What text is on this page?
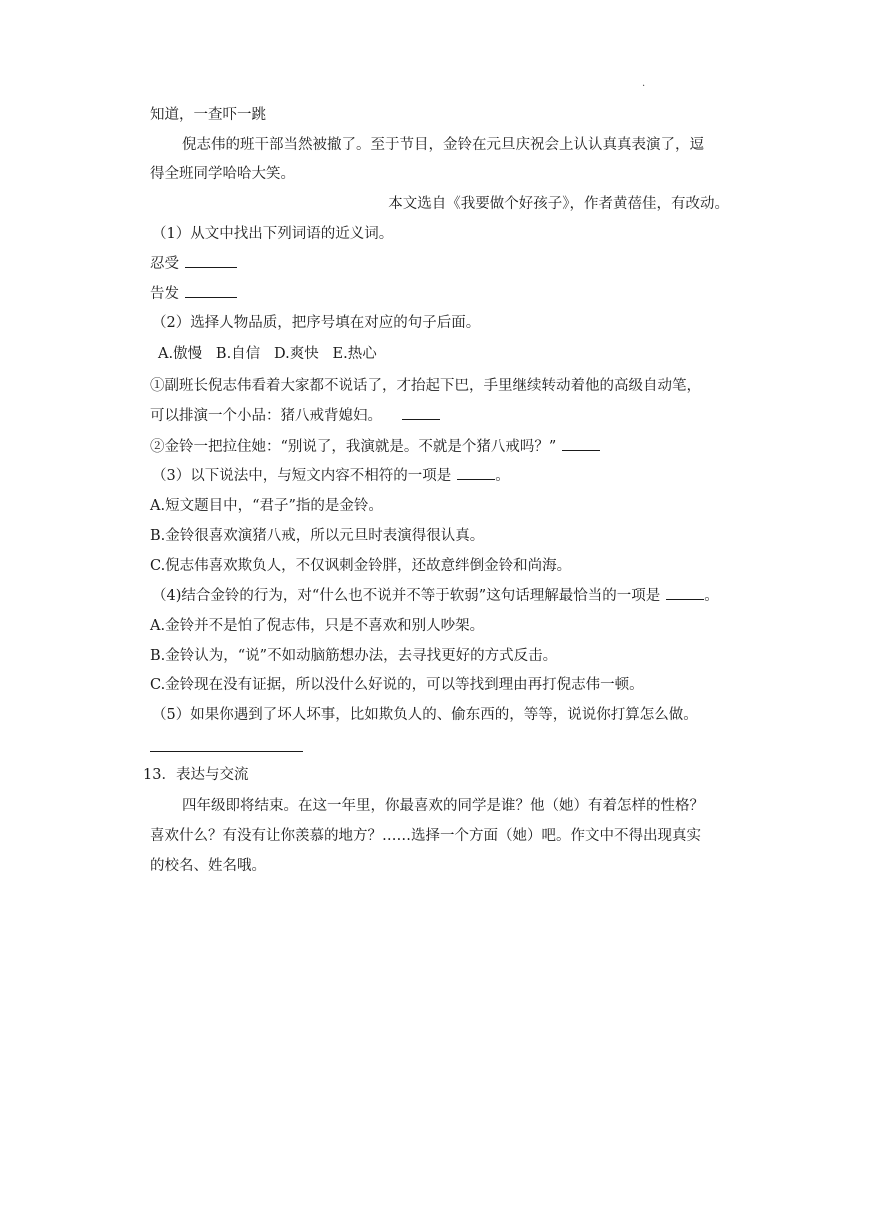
.
知道，一查吓一跳
倪志伟的班干部当然被撤了。至于节目，金铃在元旦庆祝会上认认真真表演了，逗
得全班同学哈哈大笑。
本文选自《我要做个好孩子》，作者黄蓓佳，有改动。
（1）从文中找出下列词语的近义词。
忍受
告发
（2）选择人物品质，把序号填在对应的句子后面。
A.傲慢   B.自信   D.爽快   E.热心
①副班长倪志伟看着大家都不说话了，才抬起下巴，手里继续转动着他的高级自动笔，
可以排演一个小品：猪八戒背媳妇。
②金铃一把拉住她：“别说了，我演就是。不就是个猪八戒吗？”
（3）以下说法中，与短文内容不相符的一项是	。
A.短文题目中，“君子”指的是金铃。
B.金铃很喜欢演猪八戒，所以元旦时表演得很认真。
C.倪志伟喜欢欺负人，不仅讽刺金铃胖，还故意绊倒金铃和尚海。
（4)结合金铃的行为，对“什么也不说并不等于软弱”这句话理解最恰当的一项是	。
A.金铃并不是怕了倪志伟，只是不喜欢和别人吵架。
B.金铃认为，“说”不如动脑筋想办法，去寻找更好的方式反击。
C.金铃现在没有证据，所以没什么好说的，可以等找到理由再打倪志伟一顿。
（5）如果你遇到了坏人坏事，比如欺负人的、偷东西的，等等，说说你打算怎么做。
13．表达与交流
四年级即将结束。在这一年里，你最喜欢的同学是谁？他（她）有着怎样的性格？
喜欢什么？有没有让你羡慕的地方？……选择一个方面（她）吧。作文中不得出现真实
的校名、姓名哦。
